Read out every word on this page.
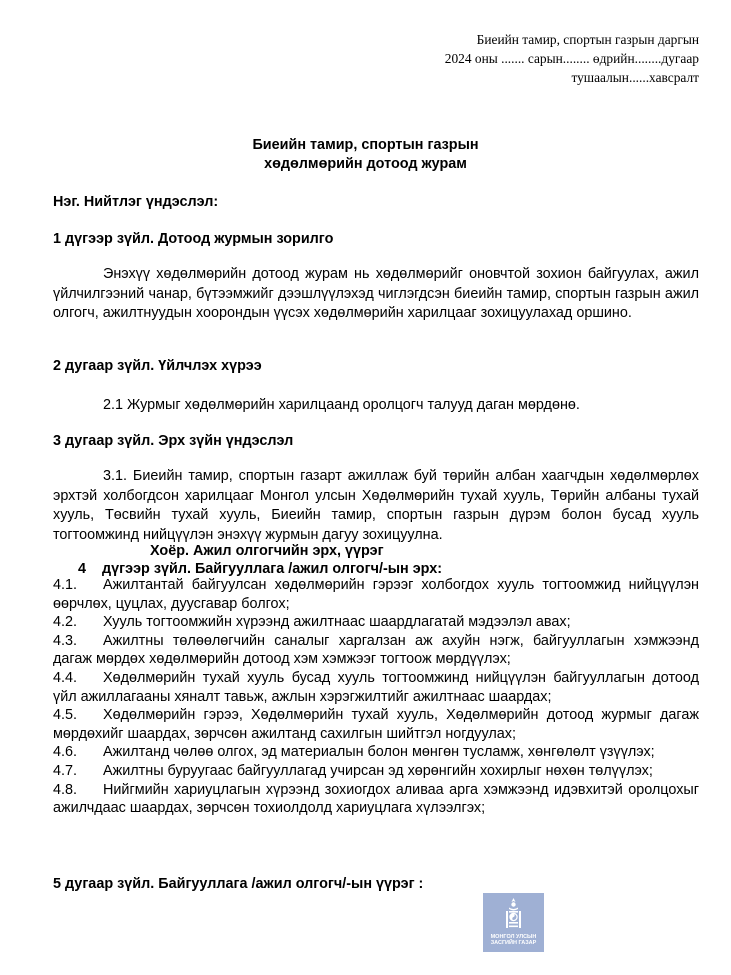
Биеийн тамир, спортын газрын даргын
2024 оны ....... сарын........ өдрийн........дугаар
тушаалын......хавсралт
Биеийн тамир, спортын газрын
хөдөлмөрийн дотоод журам
Нэг. Нийтлэг үндэслэл:
1 дүгээр зүйл. Дотоод журмын зорилго
Энэхүү хөдөлмөрийн дотоод журам нь хөдөлмөрийг оновчтой зохион байгуулах, ажил үйлчилгээний чанар, бүтээмжийг дээшлүүлэхэд чиглэгдсэн биеийн тамир, спортын газрын ажил олгогч, ажилтнуудын хоорондын үүсэх хөдөлмөрийн харилцааг зохицуулахад оршино.
2 дугаар зүйл. Үйлчлэх хүрээ
2.1 Журмыг хөдөлмөрийн харилцаанд оролцогч талууд даган мөрдөнө.
3 дугаар зүйл. Эрх зүйн үндэслэл
3.1. Биеийн тамир, спортын газарт ажиллаж буй төрийн албан хаагчдын хөдөлмөрлөх эрхтэй холбогдсон харилцааг Монгол улсын Хөдөлмөрийн тухай хууль, Төрийн албаны тухай хууль, Төсвийн тухай хууль, Биеийн тамир, спортын газрын дүрэм болон бусад хууль тогтоомжинд нийцүүлэн энэхүү журмын дагуу зохицуулна.
Хоёр. Ажил олгогчийн эрх, үүрэг
4 дүгээр зүйл. Байгууллага /ажил олгогч/-ын эрх:
4.1. Ажилтантай байгуулсан хөдөлмөрийн гэрээг холбогдох хууль тогтоомжид нийцүүлэн өөрчлөх, цуцлах, дуусгавар болгох;
4.2. Хууль тогтоомжийн хүрээнд ажилтнаас шаардлагатай мэдээлэл авах;
4.3. Ажилтны төлөөлөгчийн саналыг харгалзан аж ахуйн нэгж, байгууллагын хэмжээнд дагаж мөрдөх хөдөлмөрийн дотоод хэм хэмжээг тогтоож мөрдүүлэх;
4.4. Хөдөлмөрийн тухай хууль бусад хууль тогтоомжинд нийцүүлэн байгууллагын дотоод үйл ажиллагааны хяналт тавьж, ажлын хэрэгжилтийг ажилтнаас шаардах;
4.5. Хөдөлмөрийн гэрээ, Хөдөлмөрийн тухай хууль, Хөдөлмөрийн дотоод журмыг дагаж мөрдөхийг шаардах, зөрчсөн ажилтанд сахилгын шийтгэл ногдуулах;
4.6. Ажилтанд чөлөө олгох, эд материалын болон мөнгөн тусламж, хөнгөлөлт үзүүлэх;
4.7. Ажилтны буруугаас байгууллагад учирсан эд хөрөнгийн хохирлыг нөхөн төлүүлэх;
4.8. Нийгмийн хариуцлагын хүрээнд зохиогдох аливаа арга хэмжээнд идэвхитэй оролцохыг ажилчдаас шаардах, зөрчсөн тохиолдолд хариуцлага хүлээлгэх;
5 дугаар зүйл. Байгууллага /ажил олгогч/-ын үүрэг :
МОНГОЛ УЛСЫН
ЗАСГИЙН ГАЗАР
